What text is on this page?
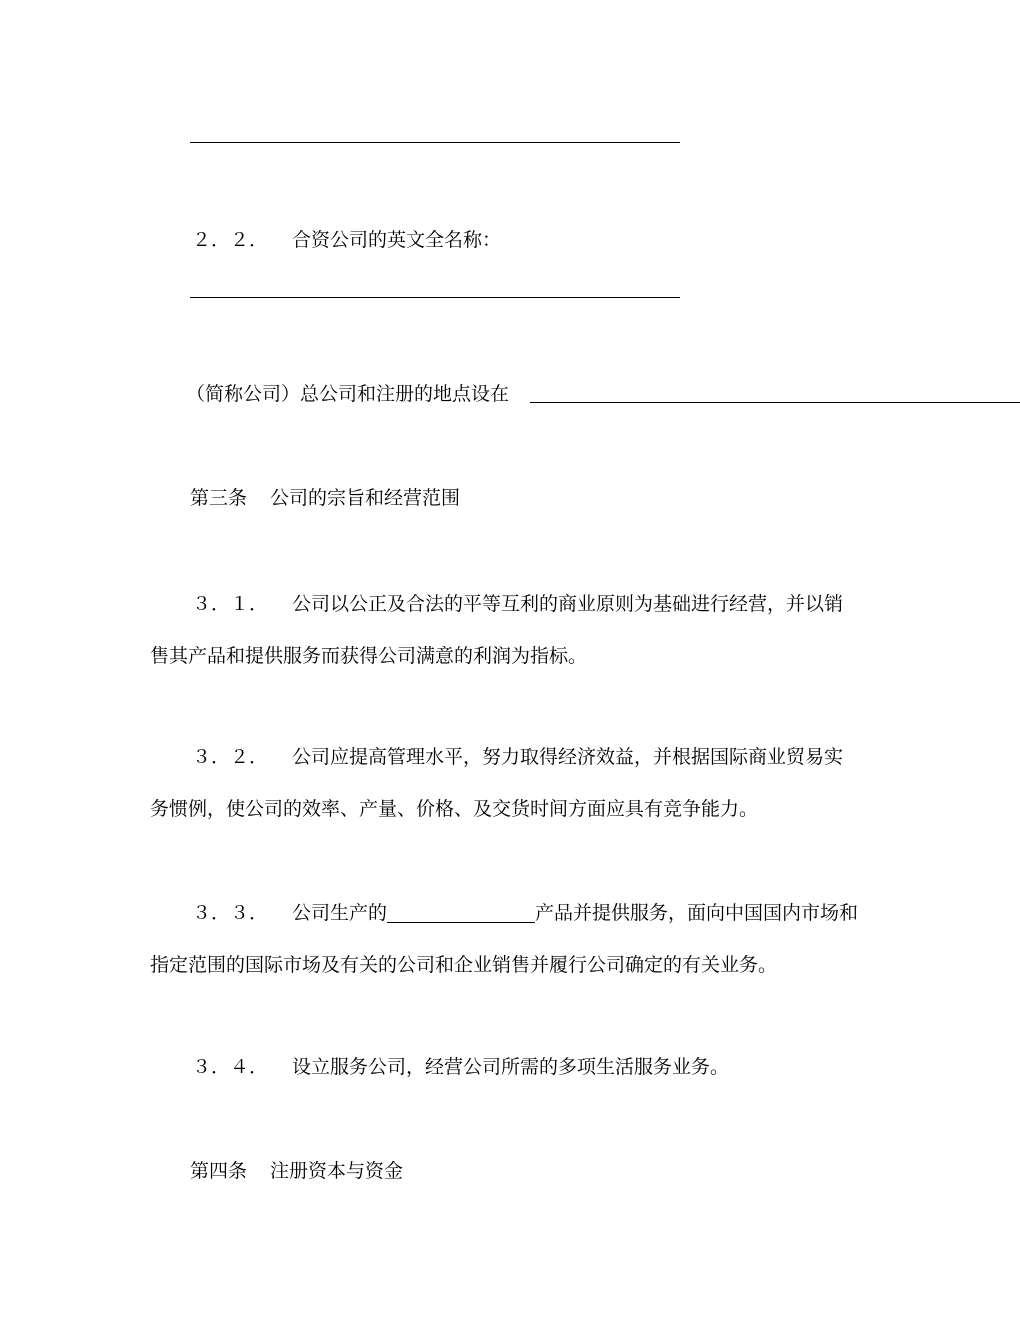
２．２． 合资公司的英文全名称：
（简称公司）总公司和注册的地点设在
第三条 公司的宗旨和经营范围
３．１． 公司以公正及合法的平等互利的商业原则为基础进行经营，并以销
售其产品和提供服务而获得公司满意的利润为指标。
３．２． 公司应提高管理水平，努力取得经济效益，并根据国际商业贸易实
务惯例，使公司的效率、产量、价格、及交货时间方面应具有竞争能力。
３．３． 公司生产的	产品并提供服务，面向中国国内市场和
指定范围的国际市场及有关的公司和企业销售并履行公司确定的有关业务。
３．４． 设立服务公司，经营公司所需的多项生活服务业务。
第四条 注册资本与资金
